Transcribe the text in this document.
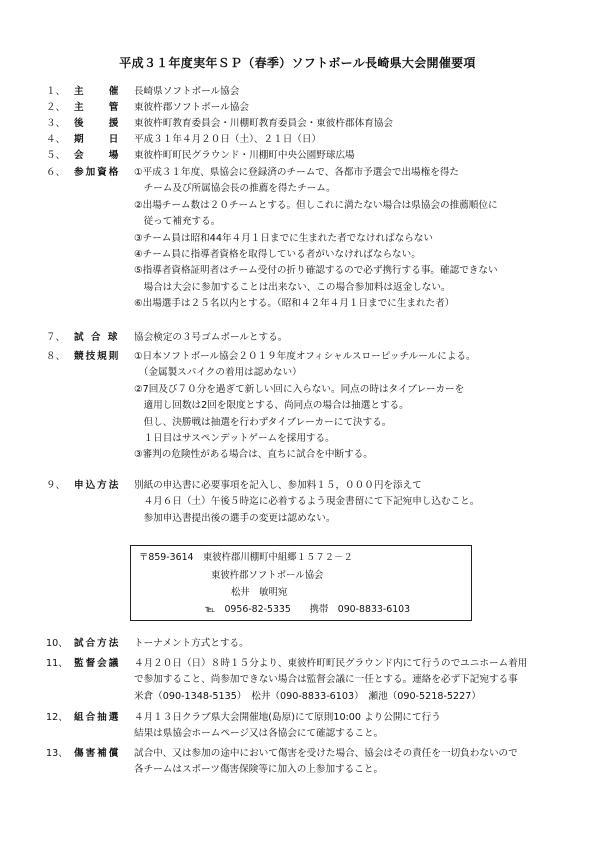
平成３１年度実年ＳＰ（春季）ソフトボール長崎県大会開催要項
１、 主　　催	長崎県ソフトボール協会
２、 主　　管	東彼杵郡ソフトボール協会
３、 後　　援	東彼杵町教育委員会・川棚町教育委員会・東彼杵郡体育協会
４、 期　　日	平成３１年４月２０日（土）、２１日（日）
５、 会　　場	東彼杵町町民グラウンド・川棚町中央公園野球広場
６、 参加資格	①平成３１年度、県協会に登録済のチームで、各都市予選会で出場権を得た
　チーム及び所属協会長の推薦を得たチーム。
②出場チーム数は２０チームとする。但しこれに満たない場合は県協会の推薦順位に
　従って補充する。
③チーム員は昭和44年４月１日までに生まれた者でなければならない
④チーム員に指導者資格を取得している者がいなければならない。
⑤指導者資格証明者はチーム受付の折り確認するので必ず携行する事。確認できない
　場合は大会に参加することは出来ない、この場合参加料は返金しない。
⑥出場選手は２５名以内とする。（昭和４２年４月１日までに生まれた者）
７、 試 合 球	協会検定の３号ゴムボールとする。
８、 競技規則	①日本ソフトボール協会２０１９年度オフィシャルスローピッチルールによる。
　（金属製スパイクの着用は認めない）
②7回及び７０分を過ぎて新しい回に入らない。同点の時はタイブレーカーを
　適用し回数は2回を限度とする、尚同点の場合は抽選とする。
　但し、決勝戦は抽選を行わずタイブレーカーにて決する。
　１日目はサスペンデットゲームを採用する。
③審判の危険性がある場合は、直ちに試合を中断する。
９、 申込方法	別紙の申込書に必要事項を記入し、参加料１５，０００円を添えて
　４月６日（土）午後５時迄に必着するよう現金書留にて下記宛申し込むこと。
　参加申込書提出後の選手の変更は認めない。
〒859-3614　東彼杵郡川棚町中組郷１５７２－２
東彼杵郡ソフトボール協会
松井　敏明宛
℡　0956-82-5335　　携帯　090-8833-6103
10、 試合方法	トーナメント方式とする。
11、 監督会議	４月２０日（日）８時１５分より、東彼杵町町民グラウンド内にて行うのでユニホーム着用
で参加すること、尚参加できない場合は監督会議に一任とする。連絡を必ず下記宛する事
米倉（090-1348-5135）　松井（090-8833-6103）　瀬池（090-5218-5227）
12、 組合抽選	４月１３日クラブ県大会開催地(島原)にて原則10:00 より公開にて行う
結果は県協会ホームページ又は各協会にて確認すること。
13、 傷害補償	試合中、又は参加の途中において傷害を受けた場合、協会はその責任を一切負わないので
各チームはスポーツ傷害保険等に加入の上参加すること。
